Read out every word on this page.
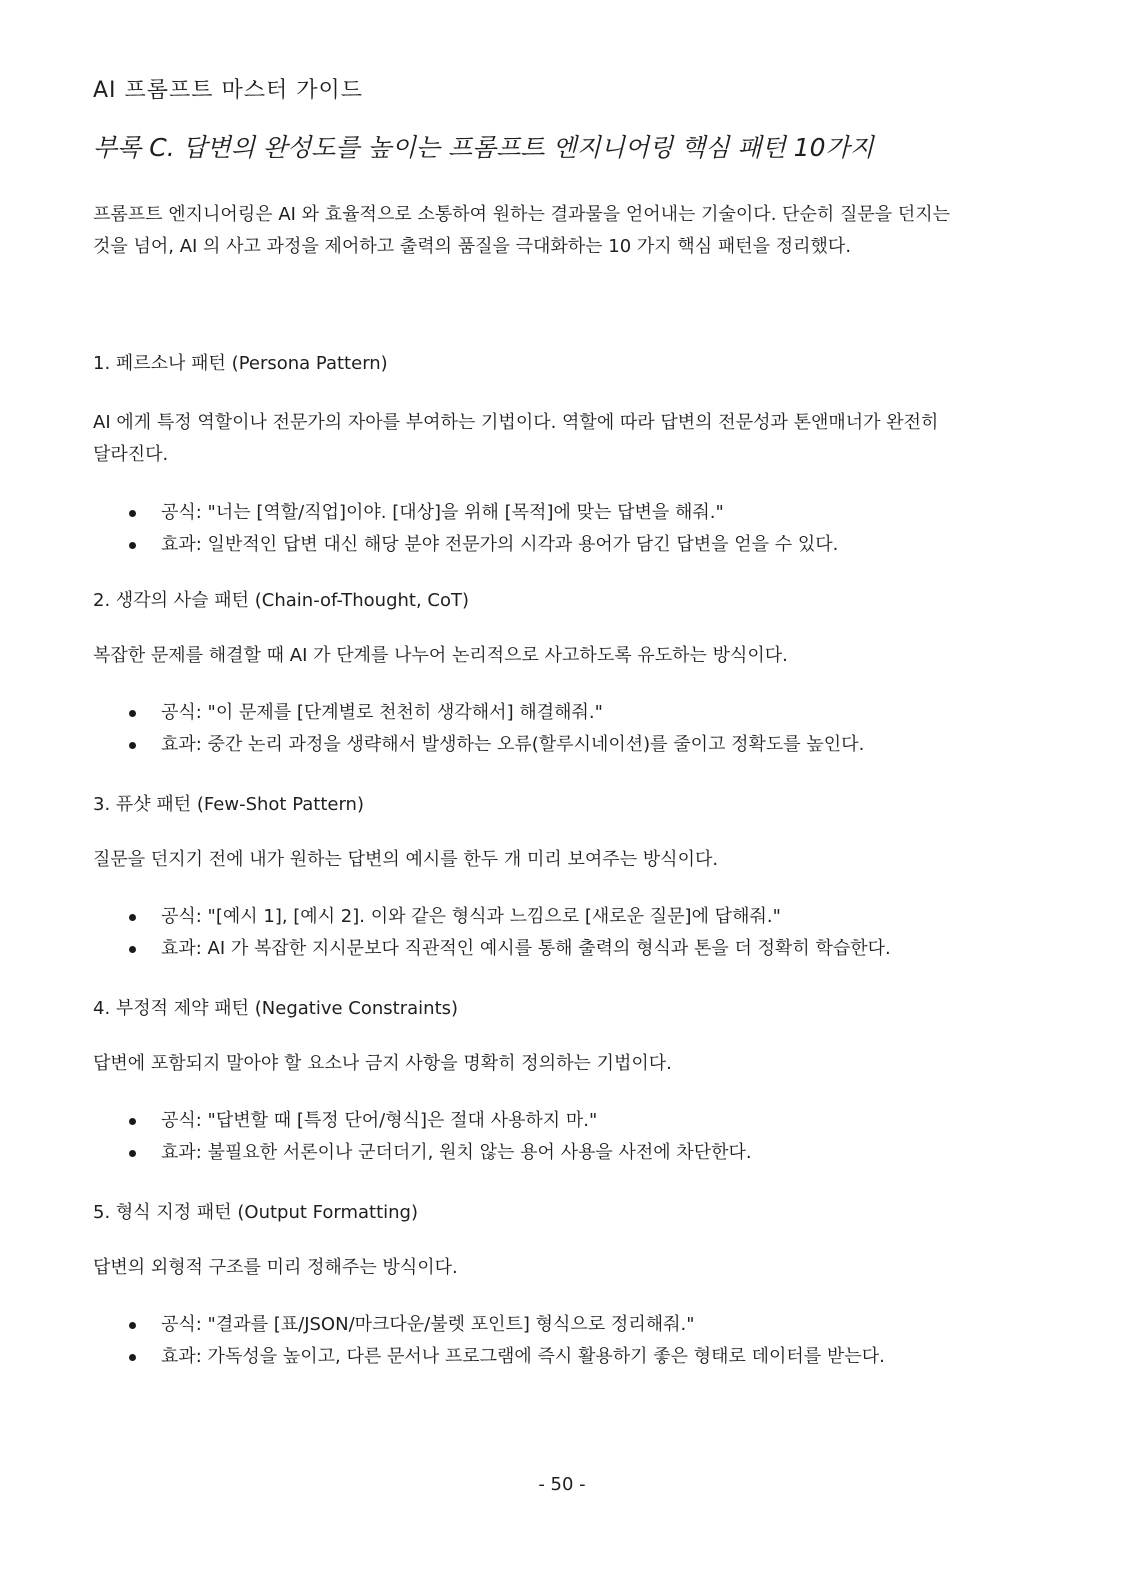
AI 프롬프트 마스터 가이드
부록 C. 답변의 완성도를 높이는 프롬프트 엔지니어링 핵심 패턴 10가지

프롬프트 엔지니어링은 AI 와 효율적으로 소통하여 원하는 결과물을 얻어내는 기술이다. 단순히 질문을 던지는
것을 넘어, AI 의 사고 과정을 제어하고 출력의 품질을 극대화하는 10 가지 핵심 패턴을 정리했다.

1. 페르소나 패턴 (Persona Pattern)

AI 에게 특정 역할이나 전문가의 자아를 부여하는 기법이다. 역할에 따라 답변의 전문성과 톤앤매너가 완전히
달라진다.

공식: "너는 [역할/직업]이야. [대상]을 위해 [목적]에 맞는 답변을 해줘."
효과: 일반적인 답변 대신 해당 분야 전문가의 시각과 용어가 담긴 답변을 얻을 수 있다.

2. 생각의 사슬 패턴 (Chain-of-Thought, CoT)

복잡한 문제를 해결할 때 AI 가 단계를 나누어 논리적으로 사고하도록 유도하는 방식이다.

공식: "이 문제를 [단계별로 천천히 생각해서] 해결해줘."
효과: 중간 논리 과정을 생략해서 발생하는 오류(할루시네이션)를 줄이고 정확도를 높인다.

3. 퓨샷 패턴 (Few-Shot Pattern)

질문을 던지기 전에 내가 원하는 답변의 예시를 한두 개 미리 보여주는 방식이다.

공식: "[예시 1], [예시 2]. 이와 같은 형식과 느낌으로 [새로운 질문]에 답해줘."
효과: AI 가 복잡한 지시문보다 직관적인 예시를 통해 출력의 형식과 톤을 더 정확히 학습한다.

4. 부정적 제약 패턴 (Negative Constraints)

답변에 포함되지 말아야 할 요소나 금지 사항을 명확히 정의하는 기법이다.

공식: "답변할 때 [특정 단어/형식]은 절대 사용하지 마."
효과: 불필요한 서론이나 군더더기, 원치 않는 용어 사용을 사전에 차단한다.

5. 형식 지정 패턴 (Output Formatting)

답변의 외형적 구조를 미리 정해주는 방식이다.

공식: "결과를 [표/JSON/마크다운/불렛 포인트] 형식으로 정리해줘."
효과: 가독성을 높이고, 다른 문서나 프로그램에 즉시 활용하기 좋은 형태로 데이터를 받는다.
- 50 -
